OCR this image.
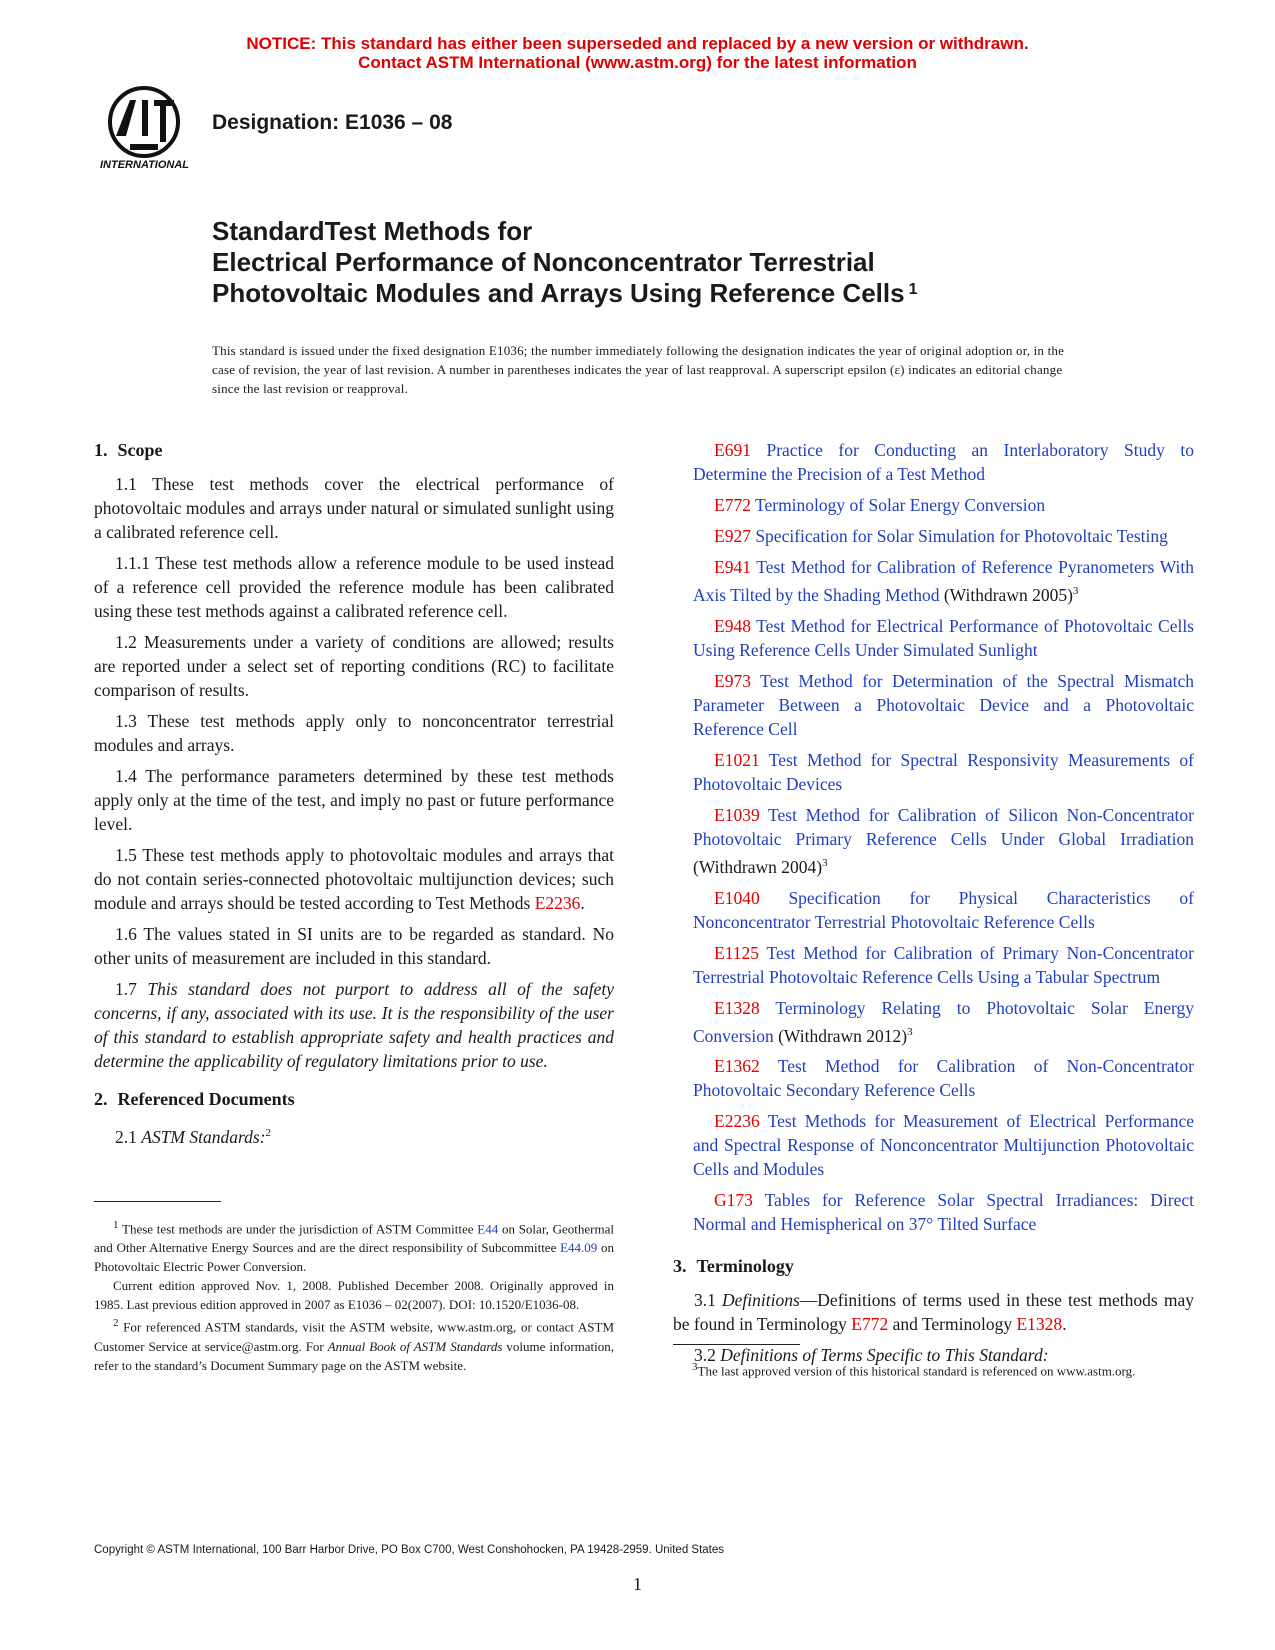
NOTICE: This standard has either been superseded and replaced by a new version or withdrawn.
Contact ASTM International (www.astm.org) for the latest information
INTERNATIONAL
Designation: E1036 – 08
StandardTest Methods for
Electrical Performance of Nonconcentrator Terrestrial
Photovoltaic Modules and Arrays Using Reference Cells $^1$
This standard is issued under the fixed designation E1036; the number immediately following the designation indicates the year of original adoption or, in the case of revision, the year of last revision. A number in parentheses indicates the year of last reapproval. A superscript epsilon (ε) indicates an editorial change since the last revision or reapproval.
1. Scope

1.1 These test methods cover the electrical performance of photovoltaic modules and arrays under natural or simulated sunlight using a calibrated reference cell.

1.1.1 These test methods allow a reference module to be used instead of a reference cell provided the reference module has been calibrated using these test methods against a calibrated reference cell.

1.2 Measurements under a variety of conditions are allowed; results are reported under a select set of reporting conditions (RC) to facilitate comparison of results.

1.3 These test methods apply only to nonconcentrator terrestrial modules and arrays.

1.4 The performance parameters determined by these test methods apply only at the time of the test, and imply no past or future performance level.

1.5 These test methods apply to photovoltaic modules and arrays that do not contain series-connected photovoltaic multijunction devices; such module and arrays should be tested according to Test Methods E2236.

1.6 The values stated in SI units are to be regarded as standard. No other units of measurement are included in this standard.

1.7 This standard does not purport to address all of the safety concerns, if any, associated with its use. It is the responsibility of the user of this standard to establish appropriate safety and health practices and determine the applicability of regulatory limitations prior to use.

2. Referenced Documents

2.1 ASTM Standards:$^2$

$^1$ These test methods are under the jurisdiction of ASTM Committee E44 on Solar, Geothermal and Other Alternative Energy Sources and are the direct responsibility of Subcommittee E44.09 on Photovoltaic Electric Power Conversion.

Current edition approved Nov. 1, 2008. Published December 2008. Originally approved in 1985. Last previous edition approved in 2007 as E1036 – 02(2007). DOI: 10.1520/E1036-08.

$^2$ For referenced ASTM standards, visit the ASTM website, www.astm.org, or contact ASTM Customer Service at service@astm.org. For Annual Book of ASTM Standards volume information, refer to the standard’s Document Summary page on the ASTM website.

E691 Practice for Conducting an Interlaboratory Study to Determine the Precision of a Test Method

E772 Terminology of Solar Energy Conversion

E927 Specification for Solar Simulation for Photovoltaic Testing

E941 Test Method for Calibration of Reference Pyranometers With Axis Tilted by the Shading Method (Withdrawn 2005)$^3$

E948 Test Method for Electrical Performance of Photovoltaic Cells Using Reference Cells Under Simulated Sunlight

E973 Test Method for Determination of the Spectral Mismatch Parameter Between a Photovoltaic Device and a Photovoltaic Reference Cell

E1021 Test Method for Spectral Responsivity Measurements of Photovoltaic Devices

E1039 Test Method for Calibration of Silicon Non-Concentrator Photovoltaic Primary Reference Cells Under Global Irradiation (Withdrawn 2004)$^3$

E1040 Specification for Physical Characteristics of Nonconcentrator Terrestrial Photovoltaic Reference Cells

E1125 Test Method for Calibration of Primary Non-Concentrator Terrestrial Photovoltaic Reference Cells Using a Tabular Spectrum

E1328 Terminology Relating to Photovoltaic Solar Energy Conversion (Withdrawn 2012)$^3$

E1362 Test Method for Calibration of Non-Concentrator Photovoltaic Secondary Reference Cells

E2236 Test Methods for Measurement of Electrical Performance and Spectral Response of Nonconcentrator Multijunction Photovoltaic Cells and Modules

G173 Tables for Reference Solar Spectral Irradiances: Direct Normal and Hemispherical on 37° Tilted Surface

3. Terminology

3.1 Definitions—Definitions of terms used in these test methods may be found in Terminology E772 and Terminology E1328.

3.2 Definitions of Terms Specific to This Standard:

$^3$The last approved version of this historical standard is referenced on www.astm.org.

Copyright © ASTM International, 100 Barr Harbor Drive, PO Box C700, West Conshohocken, PA 19428-2959. United States
1
